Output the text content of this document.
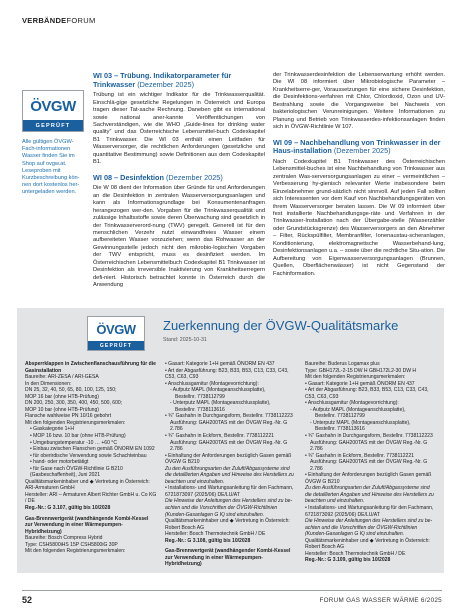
VERBÄNDEFORUM
ÖVGW
GEPRÜFT
Alle gültigen ÖVGW-Fach-informationen Wasser finden Sie im Shop auf ovgw.at. Leseproben mit Kurzbeschreibung kön-nen dort kostenlos her-untergeladen werden.
WI 03 – Trübung. Indikatorparameter für Trinkwasser (Dezember 2025)
Trübung ist ein wichtiger Indikator für die Trinkwasserqualität. Einschlä-gige gesetzliche Regelungen in Österreich und Europa tragen dieser Tat-sache Rechnung. Daneben gibt es international sowie national aner-kannte Veröffentlichungen von Sachverständigen, wie die WHO „Guide-lines for drinking water quality“ und das Österreichische Lebensmittel-buch Codexkapitel B1 Trinkwasser. Die WI 03 enthält einen Leitfaden für Wasserversorger, die rechtlichen Anforderungen (gesetzliche und quantitative Bestimmung) sowie Definitionen aus dem Codexkapitel B1.
WI 08 – Desinfektion (Dezember 2025)
Die W 08 dient der Information über Gründe für und Anforderungen an die Desinfektion in zentralen Wasserversorgungsanlagen und kann als Informationsgrundlage bei Konsumentenanfragen herangezogen wer-den. Vorgaben für die Trinkwasserqualität und zulässige Inhaltsstoffe sowie deren Überwachung sind gesetzlich in der Trinkwasserverord-nung (TWV) geregelt. Generell ist für den menschlichen Verzehr nutzt einwandfreies Wasser einem aufbereiteten Wasser vorzuziehen; wenn das Rohwasser an der Gewinnungsstelle jedoch nicht den mikrobio-logischen Vorgaben der TWV entspricht, muss es desinfiziert werden. Im Österreichischen Lebensmittelbuch Codexkapitel B1 Trinkwasser ist Desinfektion als irreversible Inaktivierung von Krankheitserregern defi-niert. Historisch betrachtet konnte in Österreich durch die Anwendung
der Trinkwasserdesinfektion die Lebenserwartung erhöht werden. Die WI 08 informiert über Mikrobiologische Parameter – Krankheitserre-ger, Voraussetzungen für eine sichere Desinfektion, die Desinfektions-verfahren mit Chlor, Chlordioxid, Ozon und UV-Bestrahlung sowie die Vorgangsweise bei Nachweis von bakteriologischen Verunreinigungen. Weitere Informationen zu Planung und Betrieb von Trinkwasserdes-infektionsanlagen finden sich in ÖVGW-Richtlinie W 107.
WI 09 – Nachbehandlung von Trinkwasser in der Haus-installation (Dezember 2025)
Nach Codexkapitel B1 Trinkwasser des Österreichischen Lebensmittel-buches ist eine Nachbehandlung von Trinkwasser aus zentralen Was-serversorgungsanlagen zu einer – vermeintlichen – Verbesserung hy-gienisch relevanter Werte insbesondere beim Einzelabnehmer grund-sätzlich nicht sinnvoll. Auf jeden Fall sollten sich Interessenten vor dem Kauf von Nachbehandlungsgeräten von ihrem Wasserversorger beraten lassen. Die W 09 informiert über fest installierte Nachbehandlungsge-räte und Verfahren in der Trinkwasser-Installation nach der Übergabe-stelle (Wasserzähler oder Grundstücksgrenze) des Wasserversorgers an den Abnehmer – Filter, Rückspülfilter, Membranfilter, Ionenaustau-scheranlagen, Konditionierung, elektromagnetische Wasserbehand-lung, Desinfektionsanlagen u.a. – sowie über die rechtliche Situ-ation. Die Aufbereitung von Eigenwasserversorgungsanlagen (Brunnen, Quellen, Oberflächenwässer) ist nicht Gegenstand der Fachinformation.
ÖVGW
GEPRÜFT
Zuerkennung der ÖVGW-Qualitätsmarke
Stand: 2025-10-31
Absperrklappen in Zwischenflanschausführung für die Gasinstallation
Baureihe: ARI-ZESA / ARI-GESA
In den Dimensionen:
DN 25, 32, 40, 50, 65, 80, 100, 125, 150;
MOP 16 bar (ohne HTB-Prüfung)
DN 200, 250, 300, 350, 400, 450, 500, 600;
MOP 10 bar (ohne HTB-Prüfung)
Flansche wahlweise PN 10/16 gebohrt
Mit den folgenden Registrierungsmerkmalen:
• Gaskategorie 1+H
• MOP 16 bzw. 10 bar (ohne HTB-Prüfung)
• Umgebungstemperatur -10 … +60 °C
• Einbau zwischen Flanschen gemäß ÖNORM EN 1092
• für oberirdische Verwendung sowie Schachteinbau
• hand- oder motorbetätigt
• für Gase nach ÖVGW-Richtlinie G B210 (Gasbeschaffenheit), Juni 2021
Qualitätsmarkeninhaber und ◆ Vertretung in Österreich:
ARI-Armaturen GmbH
Hersteller: ARI – Armaturen Albert Richter GmbH u. Co KG / DE
Reg.-Nr.: G 3.107, gültig bis 10/2028
Gas-Brennwertgerät (wandhängende Kombi-Kessel zur Verwendung in einer Wärmepumpen-Hybridheizung)
Baureihe: Bosch Compress Hybrid
Type: CSH5800iHS 15P CSH5800iG 30P
Mit den folgenden Registrierungsmerkmalen:
• Gasart: Kategorie 1+H gemäß ÖNORM EN 437
• Art der Abgasführung: B23, B33, B53, C13, C33, C43, C53, C63, C93
• Anschlussgarnitur (Montagevorrichtung):
- Aufputz MAPL (Montageanschlussplatte),
Bestellnr. 7738112799
- Unterputz MAPL (Montageanschlussplatte),
Bestellnr. 7738113616
• ¾" Gashahn in Durchgangsform, Bestellnr. 7738112223
Ausführung: GAH200TAS mit der ÖVGW Reg.-Nr. G 2.786
• ¾" Gashahn in Eckform, Bestellnr. 7738112221
Ausführung: GAH200TAS mit der ÖVGW Reg.-Nr. G 2.786
• Einhaltung der Anforderungen bezüglich Gasen gemäß ÖVGW G B210
Zu den Ausführungsarten der Zuluft/Abgassysteme sind die detaillierten Angaben und Hinweise des Herstellers zu beachten und einzuhalten.
• Installations- und Wartungsanleitung für den Fachmann, 6721873097 (2025/06) DE/LU/AT
Die Hinweise der Anleitungen des Herstellers sind zu be-achten und die Vorschriften der ÖVGW-Richtlinien (Kunden-Gasanlagen G K) sind einzuhalten.
Qualitätsmarkeninhaber und ◆ Vertretung in Österreich:
Robert Bosch AG
Hersteller: Bosch Thermotechnik GmbH / DE
Reg.-Nr.: G 3.108, gültig bis 10/2028
Gas-Brennwertgerät (wandhängender Kombi-Kessel zur Verwendung in einer Wärmepumpen-Hybridheizung)
Baureihe: Buderus Logamax plus
Type: GBH172L-2-15 DW H GBH172L2-30 DW H
Mit den folgenden Registrierungsmerkmalen:
• Gasart: Kategorie 1+H gemäß ÖNORM EN 437
• Art der Abgasführung: B23, B33, B53, C13, C33, C43, C53, C63, C93
• Anschlussgarnitur (Montagevorrichtung):
- Aufputz MAPL (Montageanschlussplatte),
Bestellnr. 7738112799
- Unterputz MAPL (Montageanschlussplatte),
Bestellnr. 7738113616
• ¾" Gashahn in Durchgangsform, Bestellnr. 7738112223
Ausführung: GAH200TAS mit der ÖVGW Reg.-Nr. G 2.786
• ¾" Gashahn in Eckform, Bestellnr. 7738112221
Ausführung: GAH200TAS mit der ÖVGW Reg.-Nr. G 2.786
• Einhaltung der Anforderungen bezüglich Gasen gemäß ÖVGW G B210
Zu den Ausführungsarten der Zuluft/Abgassysteme sind die detaillierten Angaben und Hinweise des Herstellers zu beachten und einzuhalten.
• Installations- und Wartungsanleitung für den Fachmann, 6721873092 (2025/06) DE/LU/AT
Die Hinweise der Anleitungen des Herstellers sind zu be-achten und die Vorschriften der ÖVGW-Richtlinien (Kunden-Gasanlagen G K) sind einzuhalten.
Qualitätsmarkeninhaber und ◆ Vertretung in Österreich:
Robert Bosch AG
Hersteller: Bosch Thermotechnik GmbH / DE
Reg.-Nr.: G 3.109, gültig bis 10/2028
52	FORUM GAS WASSER WÄRME 6/2025
